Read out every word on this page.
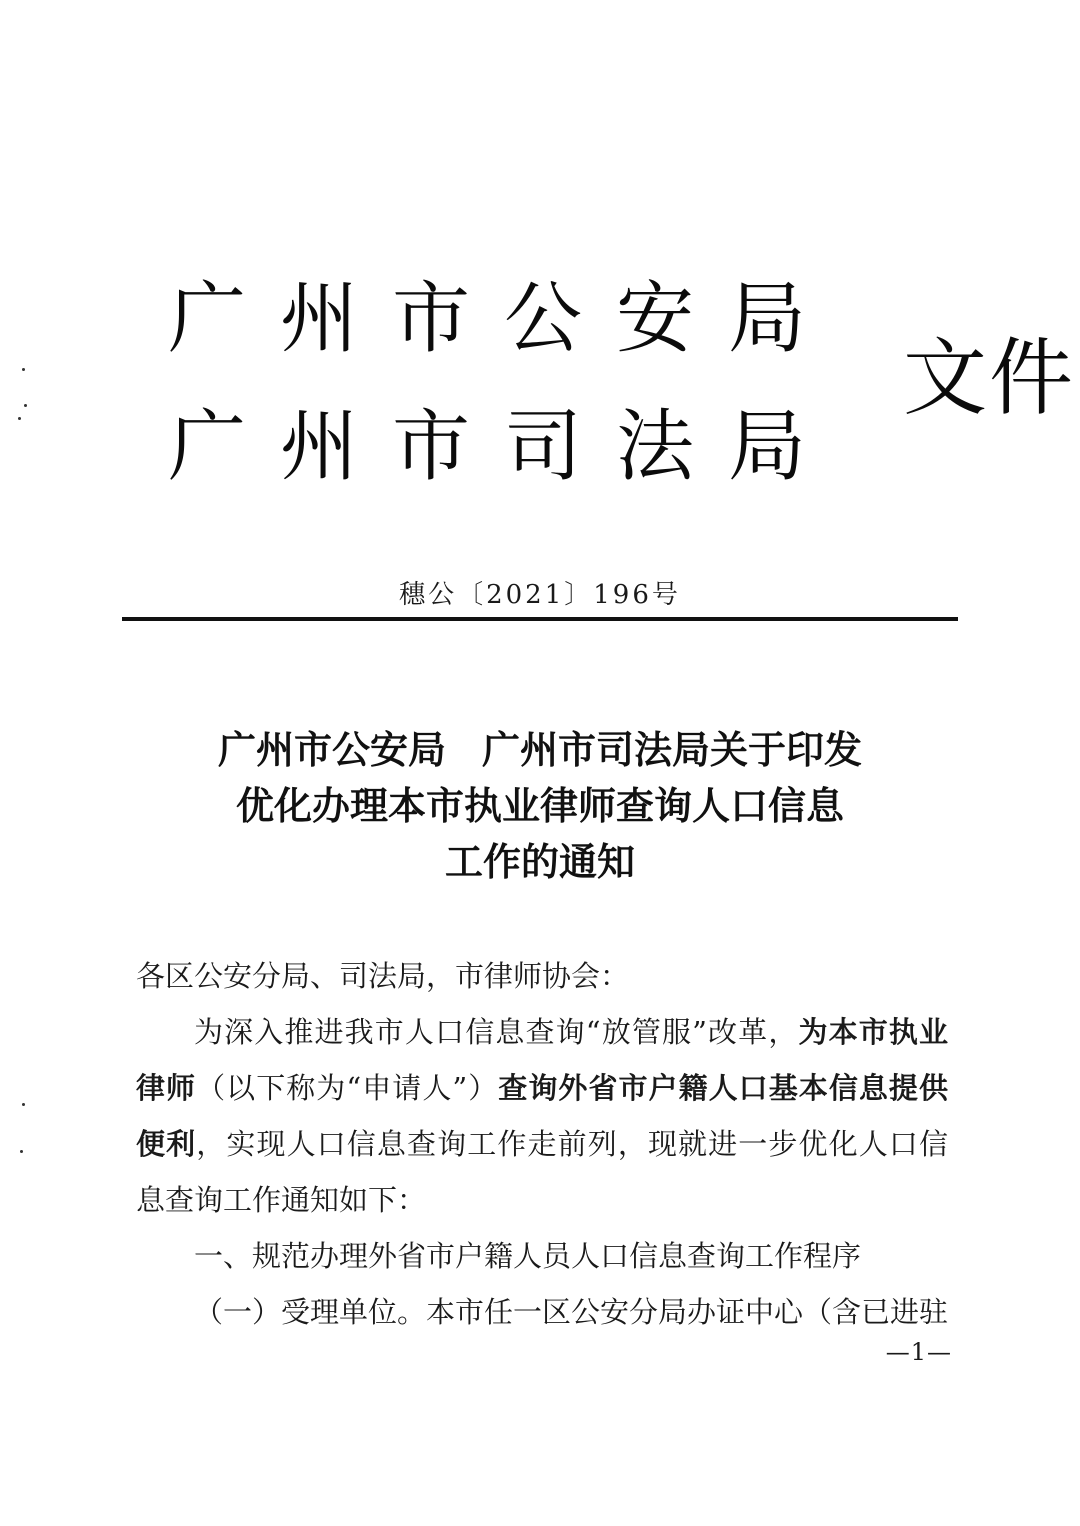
广州市公安局
广州市司法局
文件
穗公〔2021〕196号
广州市公安局 广州市司法局关于印发
优化办理本市执业律师查询人口信息
工作的通知

各区公安分局、司法局，市律师协会：

为深入推进我市人口信息查询“放管服”改革，为本市执业律师（以下称为“申请人”）查询外省市户籍人口基本信息提供便利，实现人口信息查询工作走前列，现就进一步优化人口信息查询工作通知如下：

一、规范办理外省市户籍人员人口信息查询工作程序

（一）受理单位。本市任一区公安分局办证中心（含已进驻

—1—
